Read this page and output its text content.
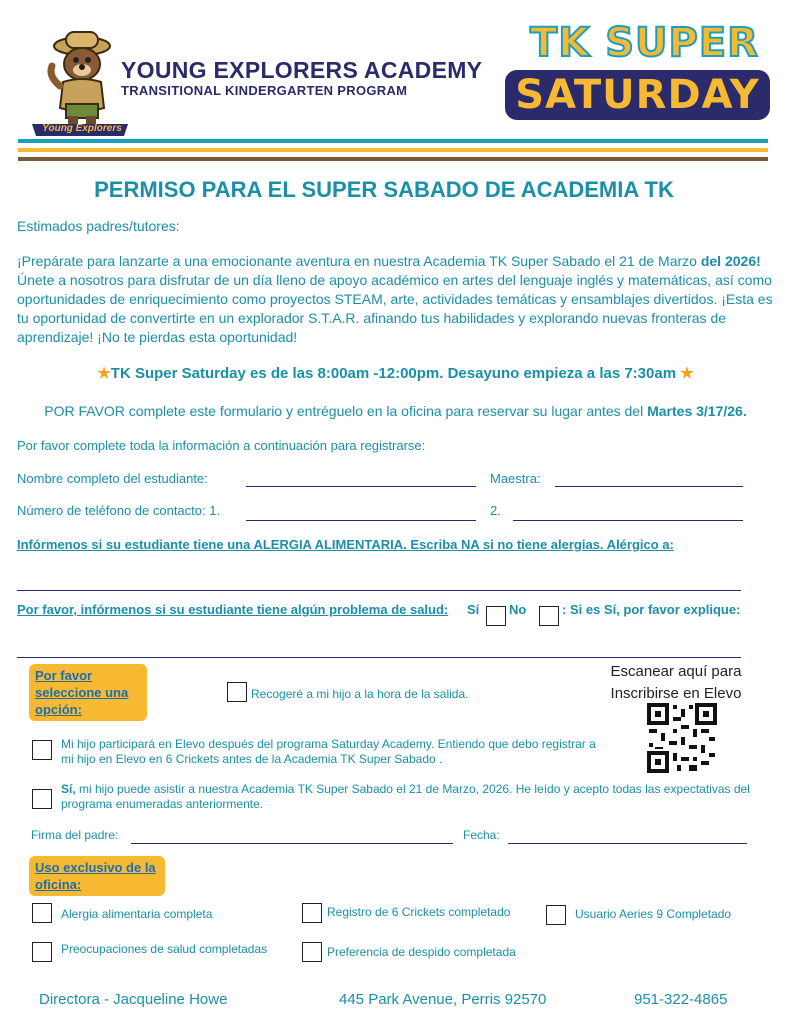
Young Explorers
YOUNG EXPLORERS ACADEMY
TRANSITIONAL KINDERGARTEN PROGRAM
TK SUPER
SATURDAY
PERMISO PARA EL SUPER SABADO DE ACADEMIA TK
Estimados padres/tutores:

¡Prepárate para lanzarte a una emocionante aventura en nuestra Academia TK Super Sabado el 21 de Marzo del 2026! Únete a nosotros para disfrutar de un día lleno de apoyo académico en artes del lenguaje inglés y matemáticas, así como oportunidades de enriquecimiento como proyectos STEAM, arte, actividades temáticas y ensamblajes divertidos. ¡Esta es tu oportunidad de convertirte en un explorador S.T.A.R. afinando tus habilidades y explorando nuevas fronteras de aprendizaje! ¡No te pierdas esta oportunidad!

★TK Super Saturday es de las 8:00am -12:00pm. Desayuno empieza a las 7:30am ★
POR FAVOR complete este formulario y entréguelo en la oficina para reservar su lugar antes del Martes 3/17/26.
Por favor complete toda la información a continuación para registrarse:
Nombre completo del estudiante:	Maestra:
Número de teléfono de contacto: 1.	2.
Infórmenos si su estudiante tiene una ALERGIA ALIMENTARIA. Escriba NA si no tiene alergias. Alérgico a:
Por favor, infórmenos si su estudiante tiene algún problema de salud:	Sí No	: Si es Sí, por favor explique:
Por favor seleccione una opción:
Recogeré a mi hijo a la hora de la salida.
Escanear aquí para Inscribirse en Elevo
Mi hijo participará en Elevo después del programa Saturday Academy. Entiendo que debo registrar a mi hijo en Elevo en 6 Crickets antes de la Academia TK Super Sabado .

Sí, mi hijo puede asistir a nuestra Academia TK Super Sabado el 21 de Marzo, 2026. He leído y acepto todas las expectativas del programa enumeradas anteriormente.

Firma del padre:	Fecha:
Uso exclusivo de la oficina:
Alergia alimentaria completa	Registro de 6 Crickets completado	Usuario Aeries 9 Completado
Preocupaciones de salud completadas	Preferencia de despido completada
Directora - Jacqueline Howe	445 Park Avenue, Perris 92570	951-322-4865
